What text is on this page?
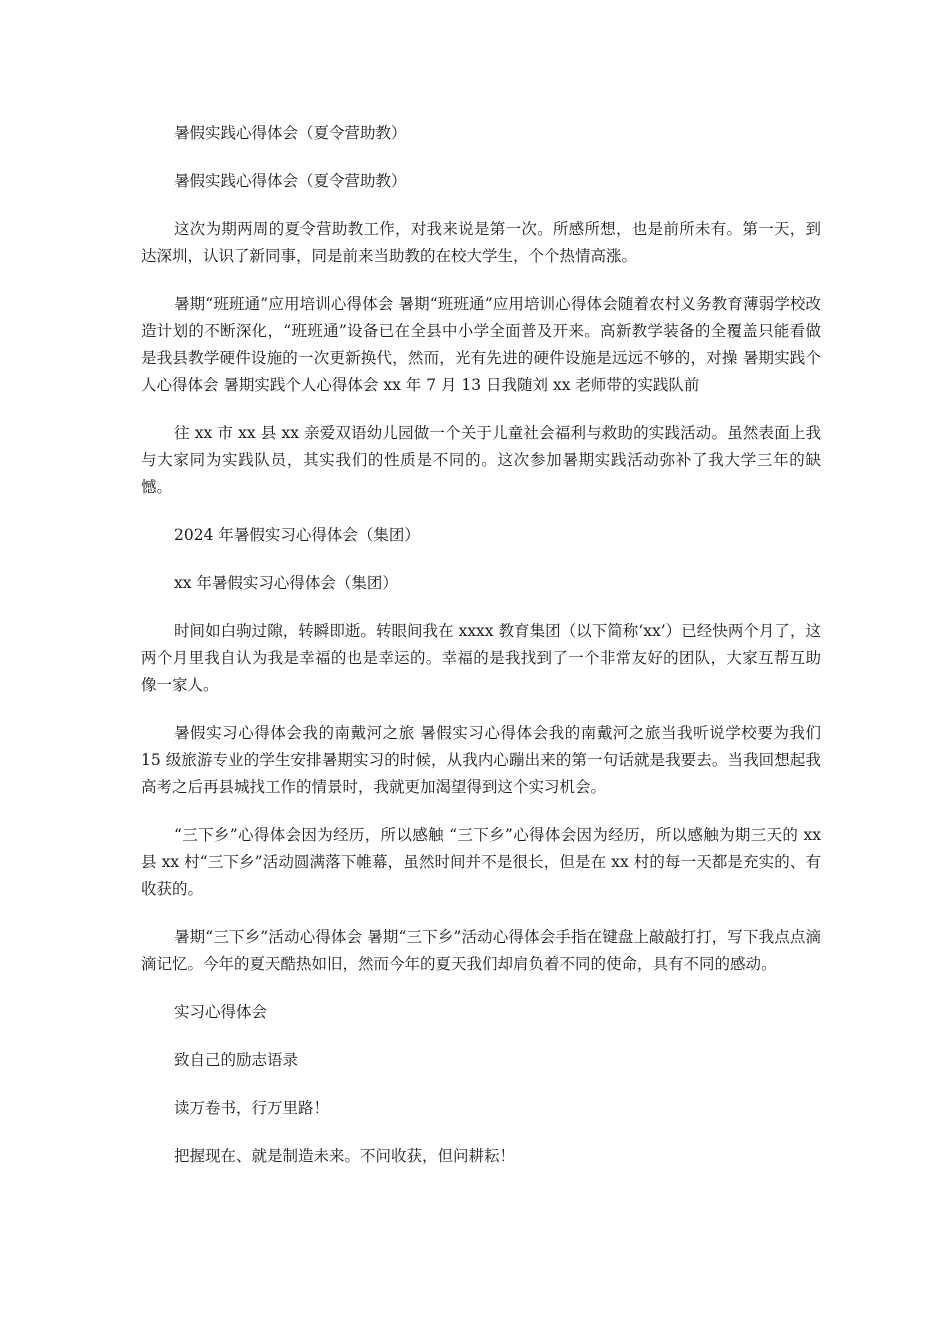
暑假实践心得体会（夏令营助教）

暑假实践心得体会（夏令营助教）

这次为期两周的夏令营助教工作，对我来说是第一次。所感所想，也是前所未有。第一天，到达深圳，认识了新同事，同是前来当助教的在校大学生，个个热情高涨。

暑期“班班通”应用培训心得体会 暑期“班班通”应用培训心得体会随着农村义务教育薄弱学校改造计划的不断深化，“班班通”设备已在全县中小学全面普及开来。高新教学装备的全覆盖只能看做是我县教学硬件设施的一次更新换代，然而，光有先进的硬件设施是远远不够的，对操 暑期实践个人心得体会 暑期实践个人心得体会 xx 年 7 月 13 日我随刘 xx 老师带的实践队前

往 xx 市 xx 县 xx 亲爱双语幼儿园做一个关于儿童社会福利与救助的实践活动。虽然表面上我与大家同为实践队员，其实我们的性质是不同的。这次参加暑期实践活动弥补了我大学三年的缺憾。

2024 年暑假实习心得体会（集团）

xx 年暑假实习心得体会（集团）

时间如白驹过隙，转瞬即逝。转眼间我在 xxxx 教育集团（以下简称‘xx’）已经快两个月了，这两个月里我自认为我是幸福的也是幸运的。幸福的是我找到了一个非常友好的团队，大家互帮互助像一家人。

暑假实习心得体会我的南戴河之旅 暑假实习心得体会我的南戴河之旅当我听说学校要为我们 15 级旅游专业的学生安排暑期实习的时候，从我内心蹦出来的第一句话就是我要去。当我回想起我高考之后再县城找工作的情景时，我就更加渴望得到这个实习机会。

“三下乡”心得体会因为经历，所以感触 “三下乡”心得体会因为经历，所以感触为期三天的 xx 县 xx 村“三下乡”活动圆满落下帷幕，虽然时间并不是很长，但是在 xx 村的每一天都是充实的、有收获的。

暑期“三下乡”活动心得体会 暑期“三下乡”活动心得体会手指在键盘上敲敲打打，写下我点点滴滴记忆。今年的夏天酷热如旧，然而今年的夏天我们却肩负着不同的使命，具有不同的感动。

实习心得体会

致自己的励志语录

读万卷书，行万里路！

把握现在、就是制造未来。不问收获，但问耕耘！
